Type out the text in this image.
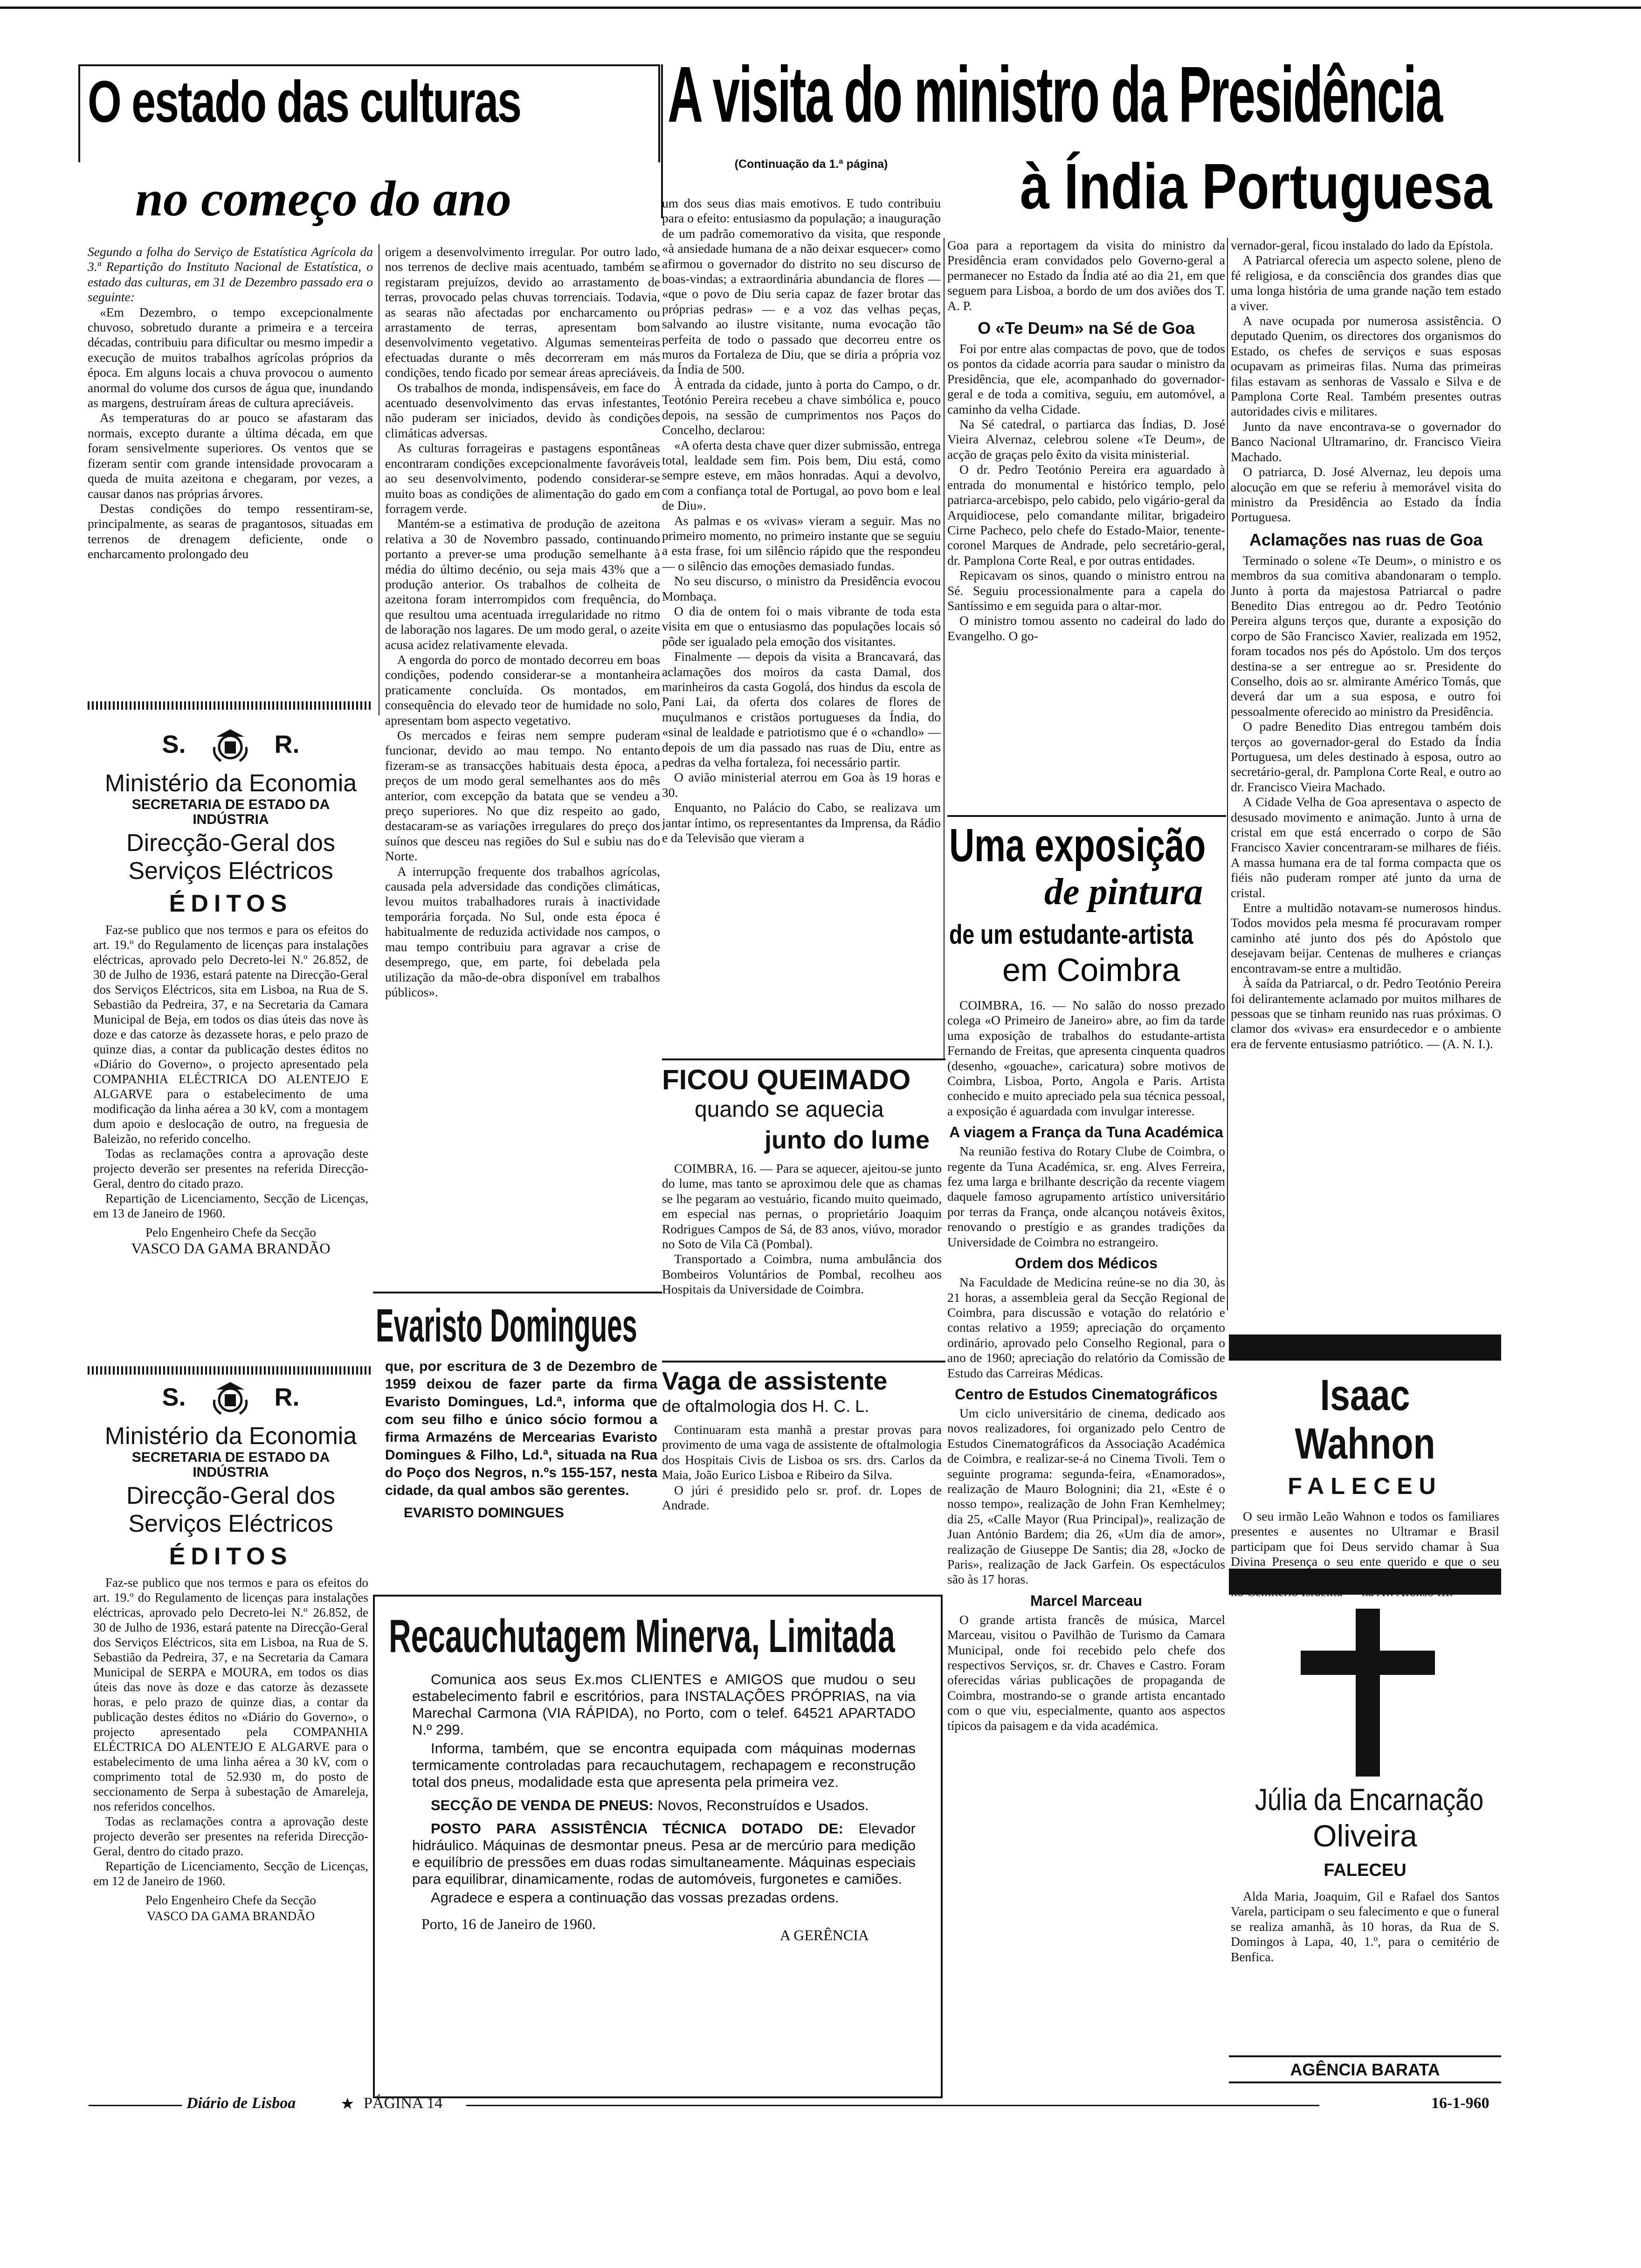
O estado das culturas
no começo do ano

Segundo a folha do Serviço de Estatística Agrícola da 3.ª Repartição do Instituto Nacional de Estatística, o estado das culturas, em 31 de Dezembro passado era o seguinte:

«Em Dezembro, o tempo excepcionalmente chuvoso, sobretudo durante a primeira e a terceira décadas, contribuiu para dificultar ou mesmo impedir a execução de muitos trabalhos agrícolas próprios da época. Em alguns locais a chuva provocou o aumento anormal do volume dos cursos de água que, inundando as margens, destruíram áreas de cultura apreciáveis.

As temperaturas do ar pouco se afastaram das normais, excepto durante a última década, em que foram sensivelmente superiores. Os ventos que se fizeram sentir com grande intensidade provocaram a queda de muita azeitona e chegaram, por vezes, a causar danos nas próprias árvores.

Destas condições do tempo ressentiram-se, principalmente, as searas de pragantosos, situadas em terrenos de drenagem deficiente, onde o encharcamento prolongado deu

origem a desenvolvimento irregular. Por outro lado, nos terrenos de declive mais acentuado, também se registaram prejuízos, devido ao arrastamento de terras, provocado pelas chuvas torrenciais. Todavia, as searas não afectadas por encharcamento ou arrastamento de terras, apresentam bom desenvolvimento vegetativo. Algumas sementeiras efectuadas durante o mês decorreram em más condições, tendo ficado por semear áreas apreciáveis.

Os trabalhos de monda, indispensáveis, em face do acentuado desenvolvimento das ervas infestantes, não puderam ser iniciados, devido às condições climáticas adversas.

As culturas forrageiras e pastagens espontâneas encontraram condições excepcionalmente favoráveis ao seu desenvolvimento, podendo considerar-se muito boas as condições de alimentação do gado em forragem verde.

Mantém-se a estimativa de produção de azeitona relativa a 30 de Novembro passado, continuando portanto a prever-se uma produção semelhante à média do último decénio, ou seja mais 43% que a produção anterior. Os trabalhos de colheita de azeitona foram interrompidos com frequência, do que resultou uma acentuada irregularidade no ritmo de laboração nos lagares. De um modo geral, o azeite acusa acidez relativamente elevada.

A engorda do porco de montado decorreu em boas condições, podendo considerar-se a montanheira praticamente concluída. Os montados, em consequência do elevado teor de humidade no solo, apresentam bom aspecto vegetativo.

Os mercados e feiras nem sempre puderam funcionar, devido ao mau tempo. No entanto fizeram-se as transacções habituais desta época, a preços de um modo geral semelhantes aos do mês anterior, com excepção da batata que se vendeu a preço superiores. No que diz respeito ao gado, destacaram-se as variações irregulares do preço dos suínos que desceu nas regiões do Sul e subiu nas do Norte.

A interrupção frequente dos trabalhos agrícolas, causada pela adversidade das condições climáticas, levou muitos trabalhadores rurais à inactividade temporária forçada. No Sul, onde esta época é habitualmente de reduzida actividade nos campos, o mau tempo contribuiu para agravar a crise de desemprego, que, em parte, foi debelada pela utilização da mão-de-obra disponível em trabalhos públicos».

S.	R.

Ministério da Economia

SECRETARIA DE ESTADO DA INDÚSTRIA

Direcção-Geral dos Serviços Eléctricos

ÉDITOS

Faz-se publico que nos termos e para os efeitos do art. 19.º do Regulamento de licenças para instalações eléctricas, aprovado pelo Decreto-lei N.º 26.852, de 30 de Julho de 1936, estará patente na Direcção-Geral dos Serviços Eléctricos, sita em Lisboa, na Rua de S. Sebastião da Pedreira, 37, e na Secretaria da Camara Municipal de Beja, em todos os dias úteis das nove às doze e das catorze às dezassete horas, e pelo prazo de quinze dias, a contar da publicação destes éditos no «Diário do Governo», o projecto apresentado pela COMPANHIA ELÉCTRICA DO ALENTEJO E ALGARVE para o estabelecimento de uma modificação da linha aérea a 30 kV, com a montagem dum apoio e deslocação de outro, na freguesia de Baleizão, no referido concelho.

Todas as reclamações contra a aprovação deste projecto deverão ser presentes na referida Direcção-Geral, dentro do citado prazo.

Repartição de Licenciamento, Secção de Licenças, em 13 de Janeiro de 1960.

Pelo Engenheiro Chefe da Secção

VASCO DA GAMA BRANDÃO

S.	R.

Ministério da Economia

SECRETARIA DE ESTADO DA INDÚSTRIA

Direcção-Geral dos Serviços Eléctricos

ÉDITOS

Faz-se publico que nos termos e para os efeitos do art. 19.º do Regulamento de licenças para instalações eléctricas, aprovado pelo Decreto-lei N.º 26.852, de 30 de Julho de 1936, estará patente na Direcção-Geral dos Serviços Eléctricos, sita em Lisboa, na Rua de S. Sebastião da Pedreira, 37, e na Secretaria da Camara Municipal de SERPA e MOURA, em todos os dias úteis das nove às doze e das catorze às dezassete horas, e pelo prazo de quinze dias, a contar da publicação destes éditos no «Diário do Governo», o projecto apresentado pela COMPANHIA ELÉCTRICA DO ALENTEJO E ALGARVE para o estabelecimento de uma linha aérea a 30 kV, com o comprimento total de 52.930 m, do posto de seccionamento de Serpa à subestação de Amareleja, nos referidos concelhos.

Todas as reclamações contra a aprovação deste projecto deverão ser presentes na referida Direcção-Geral, dentro do citado prazo.

Repartição de Licenciamento, Secção de Licenças, em 12 de Janeiro de 1960.

Pelo Engenheiro Chefe da Secção

VASCO DA GAMA BRANDÃO

A visita do ministro da Presidência
à Índia Portuguesa
(Continuação da 1.ª página)

um dos seus dias mais emotivos. E tudo contribuiu para o efeito: entusiasmo da população; a inauguração de um padrão comemorativo da visita, que responde «à ansiedade humana de a não deixar esquecer» como afirmou o governador do distrito no seu discurso de boas-vindas; a extraordinária abundancia de flores — «que o povo de Diu seria capaz de fazer brotar das próprias pedras» — e a voz das velhas peças, salvando ao ilustre visitante, numa evocação tão perfeita de todo o passado que decorreu entre os muros da Fortaleza de Diu, que se diria a própria voz da Índia de 500.

À entrada da cidade, junto à porta do Campo, o dr. Teotónio Pereira recebeu a chave simbólica e, pouco depois, na sessão de cumprimentos nos Paços do Concelho, declarou:

«A oferta desta chave quer dizer submissão, entrega total, lealdade sem fim. Pois bem, Diu está, como sempre esteve, em mãos honradas. Aqui a devolvo, com a confiança total de Portugal, ao povo bom e leal de Diu».

As palmas e os «vivas» vieram a seguir. Mas no primeiro momento, no primeiro instante que se seguiu a esta frase, foi um silêncio rápido que the respondeu — o silêncio das emoções demasiado fundas.

No seu discurso, o ministro da Presidência evocou Mombaça.

O dia de ontem foi o mais vibrante de toda esta visita em que o entusiasmo das populações locais só pôde ser igualado pela emoção dos visitantes.

Finalmente — depois da visita a Brancavará, das aclamações dos moiros da casta Damal, dos marinheiros da casta Gogolá, dos hindus da escola de Pani Lai, da oferta dos colares de flores de muçulmanos e cristãos portugueses da Índia, do «sinal de lealdade e patriotismo que é o «chandlo» — depois de um dia passado nas ruas de Diu, entre as pedras da velha fortaleza, foi necessário partir.

O avião ministerial aterrou em Goa às 19 horas e 30.

Enquanto, no Palácio do Cabo, se realizava um jantar íntimo, os representantes da Imprensa, da Rádio e da Televisão que vieram a

Goa para a reportagem da visita do ministro da Presidência eram convidados pelo Governo-geral a permanecer no Estado da Índia até ao dia 21, em que seguem para Lisboa, a bordo de um dos aviões dos T. A. P.

O «Te Deum» na Sé de Goa

Foi por entre alas compactas de povo, que de todos os pontos da cidade acorria para saudar o ministro da Presidência, que ele, acompanhado do governador-geral e de toda a comitiva, seguiu, em automóvel, a caminho da velha Cidade.

Na Sé catedral, o partiarca das Índias, D. José Vieira Alvernaz, celebrou solene «Te Deum», de acção de graças pelo êxito da visita ministerial.

O dr. Pedro Teotónio Pereira era aguardado à entrada do monumental e histórico templo, pelo patriarca-arcebispo, pelo cabido, pelo vigário-geral da Arquidiocese, pelo comandante militar, brigadeiro Cirne Pacheco, pelo chefe do Estado-Maior, tenente-coronel Marques de Andrade, pelo secretário-geral, dr. Pamplona Corte Real, e por outras entidades.

Repicavam os sinos, quando o ministro entrou na Sé. Seguiu processionalmente para a capela do Santíssimo e em seguida para o altar-mor.

O ministro tomou assento no cadeiral do lado do Evangelho. O go-

vernador-geral, ficou instalado do lado da Epístola.

A Patriarcal oferecia um aspecto solene, pleno de fé religiosa, e da consciência dos grandes dias que uma longa história de uma grande nação tem estado a viver.

A nave ocupada por numerosa assistência. O deputado Quenim, os directores dos organismos do Estado, os chefes de serviços e suas esposas ocupavam as primeiras filas. Numa das primeiras filas estavam as senhoras de Vassalo e Silva e de Pamplona Corte Real. Também presentes outras autoridades civis e militares.

Junto da nave encontrava-se o governador do Banco Nacional Ultramarino, dr. Francisco Vieira Machado.

O patriarca, D. José Alvernaz, leu depois uma alocução em que se referiu à memorável visita do ministro da Presidência ao Estado da Índia Portuguesa.

Aclamações nas ruas de Goa

Terminado o solene «Te Deum», o ministro e os membros da sua comitiva abandonaram o templo. Junto à porta da majestosa Patriarcal o padre Benedito Dias entregou ao dr. Pedro Teotónio Pereira alguns terços que, durante a exposição do corpo de São Francisco Xavier, realizada em 1952, foram tocados nos pés do Apóstolo. Um dos terços destina-se a ser entregue ao sr. Presidente do Conselho, dois ao sr. almirante Américo Tomás, que deverá dar um a sua esposa, e outro foi pessoalmente oferecido ao ministro da Presidência.

O padre Benedito Dias entregou também dois terços ao governador-geral do Estado da Índia Portuguesa, um deles destinado à esposa, outro ao secretário-geral, dr. Pamplona Corte Real, e outro ao dr. Francisco Vieira Machado.

A Cidade Velha de Goa apresentava o aspecto de desusado movimento e animação. Junto à urna de cristal em que está encerrado o corpo de São Francisco Xavier concentraram-se milhares de fiéis. A massa humana era de tal forma compacta que os fiéis não puderam romper até junto da urna de cristal.

Entre a multidão notavam-se numerosos hindus. Todos movidos pela mesma fé procuravam romper caminho até junto dos pés do Apóstolo que desejavam beijar. Centenas de mulheres e crianças encontravam-se entre a multidão.

À saída da Patriarcal, o dr. Pedro Teotónio Pereira foi delirantemente aclamado por muitos milhares de pessoas que se tinham reunido nas ruas próximas. O clamor dos «vivas» era ensurdecedor e o ambiente era de fervente entusiasmo patriótico. — (A. N. I.).

Uma exposição
de pintura
de um estudante-artista
em Coimbra

COIMBRA, 16. — No salão do nosso prezado colega «O Primeiro de Janeiro» abre, ao fim da tarde uma exposição de trabalhos do estudante-artista Fernando de Freitas, que apresenta cinquenta quadros (desenho, «gouache», caricatura) sobre motivos de Coimbra, Lisboa, Porto, Angola e Paris. Artista conhecido e muito apreciado pela sua técnica pessoal, a exposição é aguardada com invulgar interesse.

A viagem a França da Tuna Académica

Na reunião festiva do Rotary Clube de Coimbra, o regente da Tuna Académica, sr. eng. Alves Ferreira, fez uma larga e brilhante descrição da recente viagem daquele famoso agrupamento artístico universitário por terras da França, onde alcançou notáveis êxitos, renovando o prestígio e as grandes tradições da Universidade de Coimbra no estrangeiro.

Ordem dos Médicos

Na Faculdade de Medicina reúne-se no dia 30, às 21 horas, a assembleia geral da Secção Regional de Coimbra, para discussão e votação do relatório e contas relativo a 1959; apreciação do orçamento ordinário, aprovado pelo Conselho Regional, para o ano de 1960; apreciação do relatório da Comissão de Estudo das Carreiras Médicas.

Centro de Estudos Cinematográficos

Um ciclo universitário de cinema, dedicado aos novos realizadores, foi organizado pelo Centro de Estudos Cinematográficos da Associação Académica de Coimbra, e realizar-se-á no Cinema Tivoli. Tem o seguinte programa: segunda-feira, «Enamorados», realização de Mauro Bolognini; dia 21, «Este é o nosso tempo», realização de John Fran Kemhelmey; dia 25, «Calle Mayor (Rua Principal)», realização de Juan António Bardem; dia 26, «Um dia de amor», realização de Giuseppe De Santis; dia 28, «Jocko de Paris», realização de Jack Garfein. Os espectáculos são às 17 horas.

Marcel Marceau

O grande artista francês de música, Marcel Marceau, visitou o Pavilhão de Turismo da Camara Municipal, onde foi recebido pelo chefe dos respectivos Serviços, sr. dr. Chaves e Castro. Foram oferecidas várias publicações de propaganda de Coimbra, mostrando-se o grande artista encantado com o que viu, especialmente, quanto aos aspectos típicos da paisagem e da vida académica.

FICOU QUEIMADO
quando se aquecia
junto do lume

COIMBRA, 16. — Para se aquecer, ajeitou-se junto do lume, mas tanto se aproximou dele que as chamas se lhe pegaram ao vestuário, ficando muito queimado, em especial nas pernas, o proprietário Joaquim Rodrigues Campos de Sá, de 83 anos, viúvo, morador no Soto de Vila Cã (Pombal).

Transportado a Coimbra, numa ambulância dos Bombeiros Voluntários de Pombal, recolheu aos Hospitais da Universidade de Coimbra.

Evaristo Domingues

que, por escritura de 3 de Dezembro de 1959 deixou de fazer parte da firma Evaristo Domingues, Ld.ª, informa que com seu filho e único sócio formou a firma Armazéns de Mercearias Evaristo Domingues & Filho, Ld.ª, situada na Rua do Poço dos Negros, n.ºs 155-157, nesta cidade, da qual ambos são gerentes.

EVARISTO DOMINGUES

Vaga de assistente
de oftalmologia dos H. C. L.

Continuaram esta manhã a prestar provas para provimento de uma vaga de assistente de oftalmologia dos Hospitais Civis de Lisboa os srs. drs. Carlos da Maia, João Eurico Lisboa e Ribeiro da Silva.

O júri é presidido pelo sr. prof. dr. Lopes de Andrade.

Recauchutagem Minerva, Limitada

Comunica aos seus Ex.mos CLIENTES e AMIGOS que mudou o seu estabelecimento fabril e escritórios, para INSTALAÇÕES PRÓPRIAS, na via Marechal Carmona (VIA RÁPIDA), no Porto, com o telef. 64521 APARTADO N.º 299.

Informa, também, que se encontra equipada com máquinas modernas termicamente controladas para recauchutagem, rechapagem e reconstrução total dos pneus, modalidade esta que apresenta pela primeira vez.

SECÇÃO DE VENDA DE PNEUS: Novos, Reconstruídos e Usados.

POSTO PARA ASSISTÊNCIA TÉCNICA DOTADO DE: Elevador hidráulico. Máquinas de desmontar pneus. Pesa ar de mercúrio para medição e equilíbrio de pressões em duas rodas simultaneamente. Máquinas especiais para equilibrar, dinamicamente, rodas de automóveis, furgonetes e camiões.

Agradece e espera a continuação das vossas prezadas ordens.

Porto, 16 de Janeiro de 1960.
A GERÊNCIA
Isaac Wahnon
FALECEU

O seu irmão Leão Wahnon e todos os familiares presentes e ausentes no Ultramar e Brasil participam que foi Deus servido chamar à Sua Divina Presença o seu ente querido e que o seu

Júlia da Encarnação
Oliveira
FALECEU

Alda Maria, Joaquim, Gil e Rafael dos Santos Varela, participam o seu falecimento e que o funeral se realiza amanhã, às 10 horas, da Rua de S. Domingos à Lapa, 40, 1.º, para o cemitério de Benfica.

AGÊNCIA BARATA
Diário de Lisboa	★ PÁGINA 14	16-1-960
